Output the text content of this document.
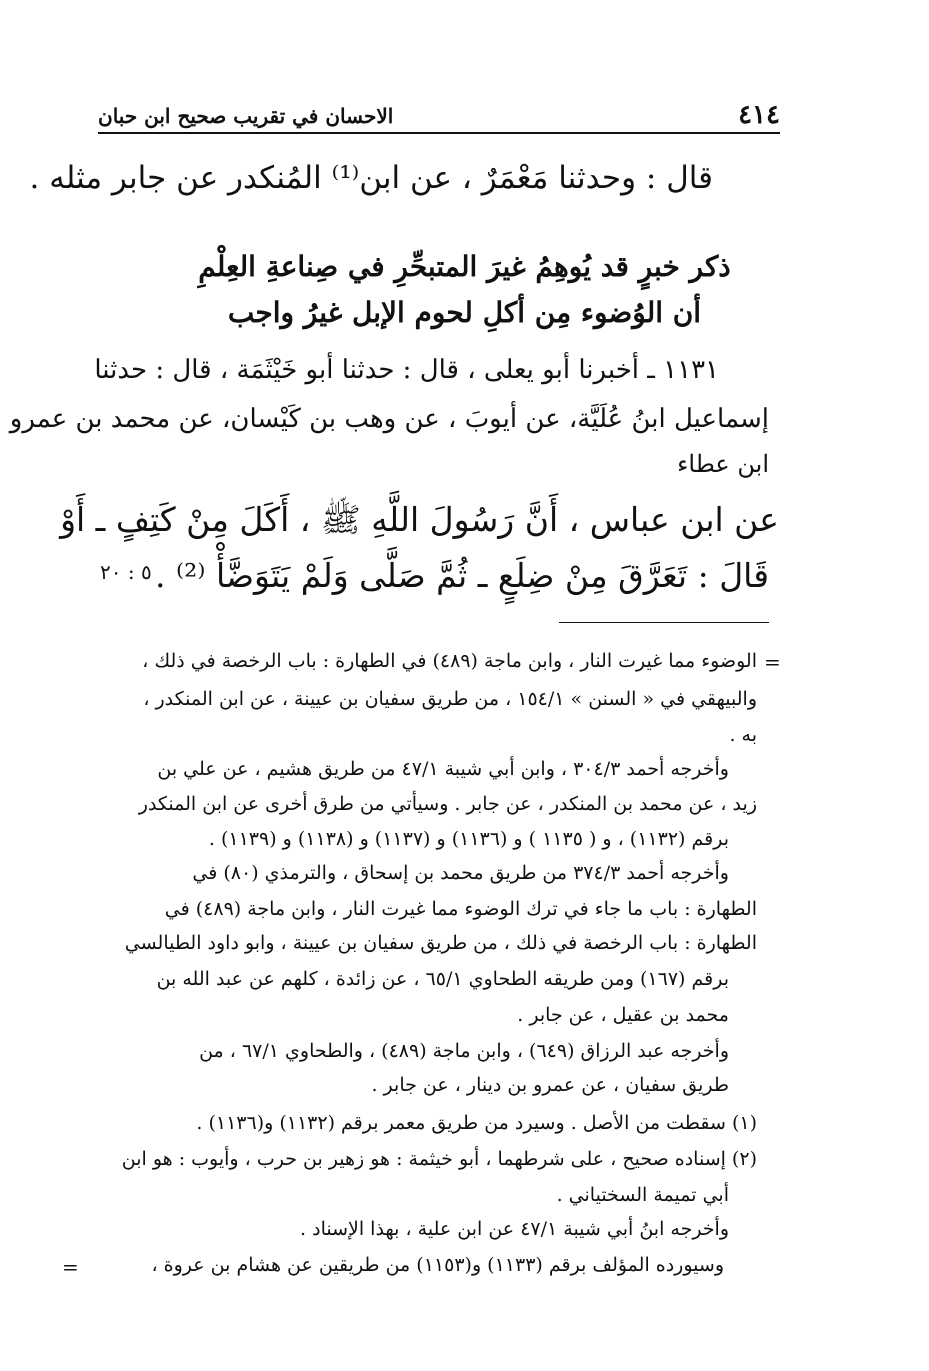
٤١٤
الاحسان في تقريب صحيح ابن حبان
قال : وحدثنا مَعْمَرٌ ، عن ابن⁽¹⁾ المُنكدر عن جابر مثله .
ذكر خبرٍ قد يُوهِمُ غيرَ المتبحِّرِ في صِناعةِ العِلْمِ
أن الوُضوء مِن أكلِ لحوم الإبل غيرُ واجب
١١٣١ ـ أخبرنا أبو يعلى ، قال : حدثنا أبو خَيْثَمَة ، قال : حدثنا
إسماعيل ابنُ عُلَيَّة، عن أيوبَ ، عن وهب بن كَيْسان، عن محمد بن عمرو
ابن عطاء
عن ابن عباس ، أَنَّ رَسُولَ اللَّهِ ﷺ ، أَكَلَ مِنْ كَتِفٍ ـ أَوْ
قَالَ : تَعَرَّقَ مِنْ ضِلَعٍ ـ ثُمَّ صَلَّى وَلَمْ يَتَوَضَّأْ ⁽²⁾ .
٥ : ٢٠
=
الوضوء مما غيرت النار ، وابن ماجة (٤٨٩) في الطهارة : باب الرخصة في ذلك ،
والبيهقي في « السنن » ١٥٤/١ ، من طريق سفيان بن عيينة ، عن ابن المنكدر ،
به .
وأخرجه أحمد ٣٠٤/٣ ، وابن أبي شيبة ٤٧/١ من طريق هشيم ، عن علي بن
زيد ، عن محمد بن المنكدر ، عن جابر . وسيأتي من طرق أخرى عن ابن المنكدر
برقم (١١٣٢) ، و ( ١١٣٥ ) و (١١٣٦) و (١١٣٧) و (١١٣٨) و (١١٣٩) .
وأخرجه أحمد ٣٧٤/٣ من طريق محمد بن إسحاق ، والترمذي (٨٠) في
الطهارة : باب ما جاء في ترك الوضوء مما غيرت النار ، وابن ماجة (٤٨٩) في
الطهارة : باب الرخصة في ذلك ، من طريق سفيان بن عيينة ، وابو داود الطيالسي
برقم (١٦٧) ومن طريقه الطحاوي ٦٥/١ ، عن زائدة ، كلهم عن عبد الله بن
محمد بن عقيل ، عن جابر .
وأخرجه عبد الرزاق (٦٤٩) ، وابن ماجة (٤٨٩) ، والطحاوي ٦٧/١ ، من
طريق سفيان ، عن عمرو بن دينار ، عن جابر .
(١) سقطت من الأصل . وسيرد من طريق معمر برقم (١١٣٢) و(١١٣٦) .
(٢) إسناده صحيح ، على شرطهما ، أبو خيثمة : هو زهير بن حرب ، وأيوب : هو ابن
أبي تميمة السختياني .
وأخرجه ابنُ أبي شيبة ٤٧/١ عن ابن علية ، بهذا الإسناد .
وسيورده المؤلف برقم (١١٣٣) و(١١٥٣) من طريقين عن هشام بن عروة ،
=
